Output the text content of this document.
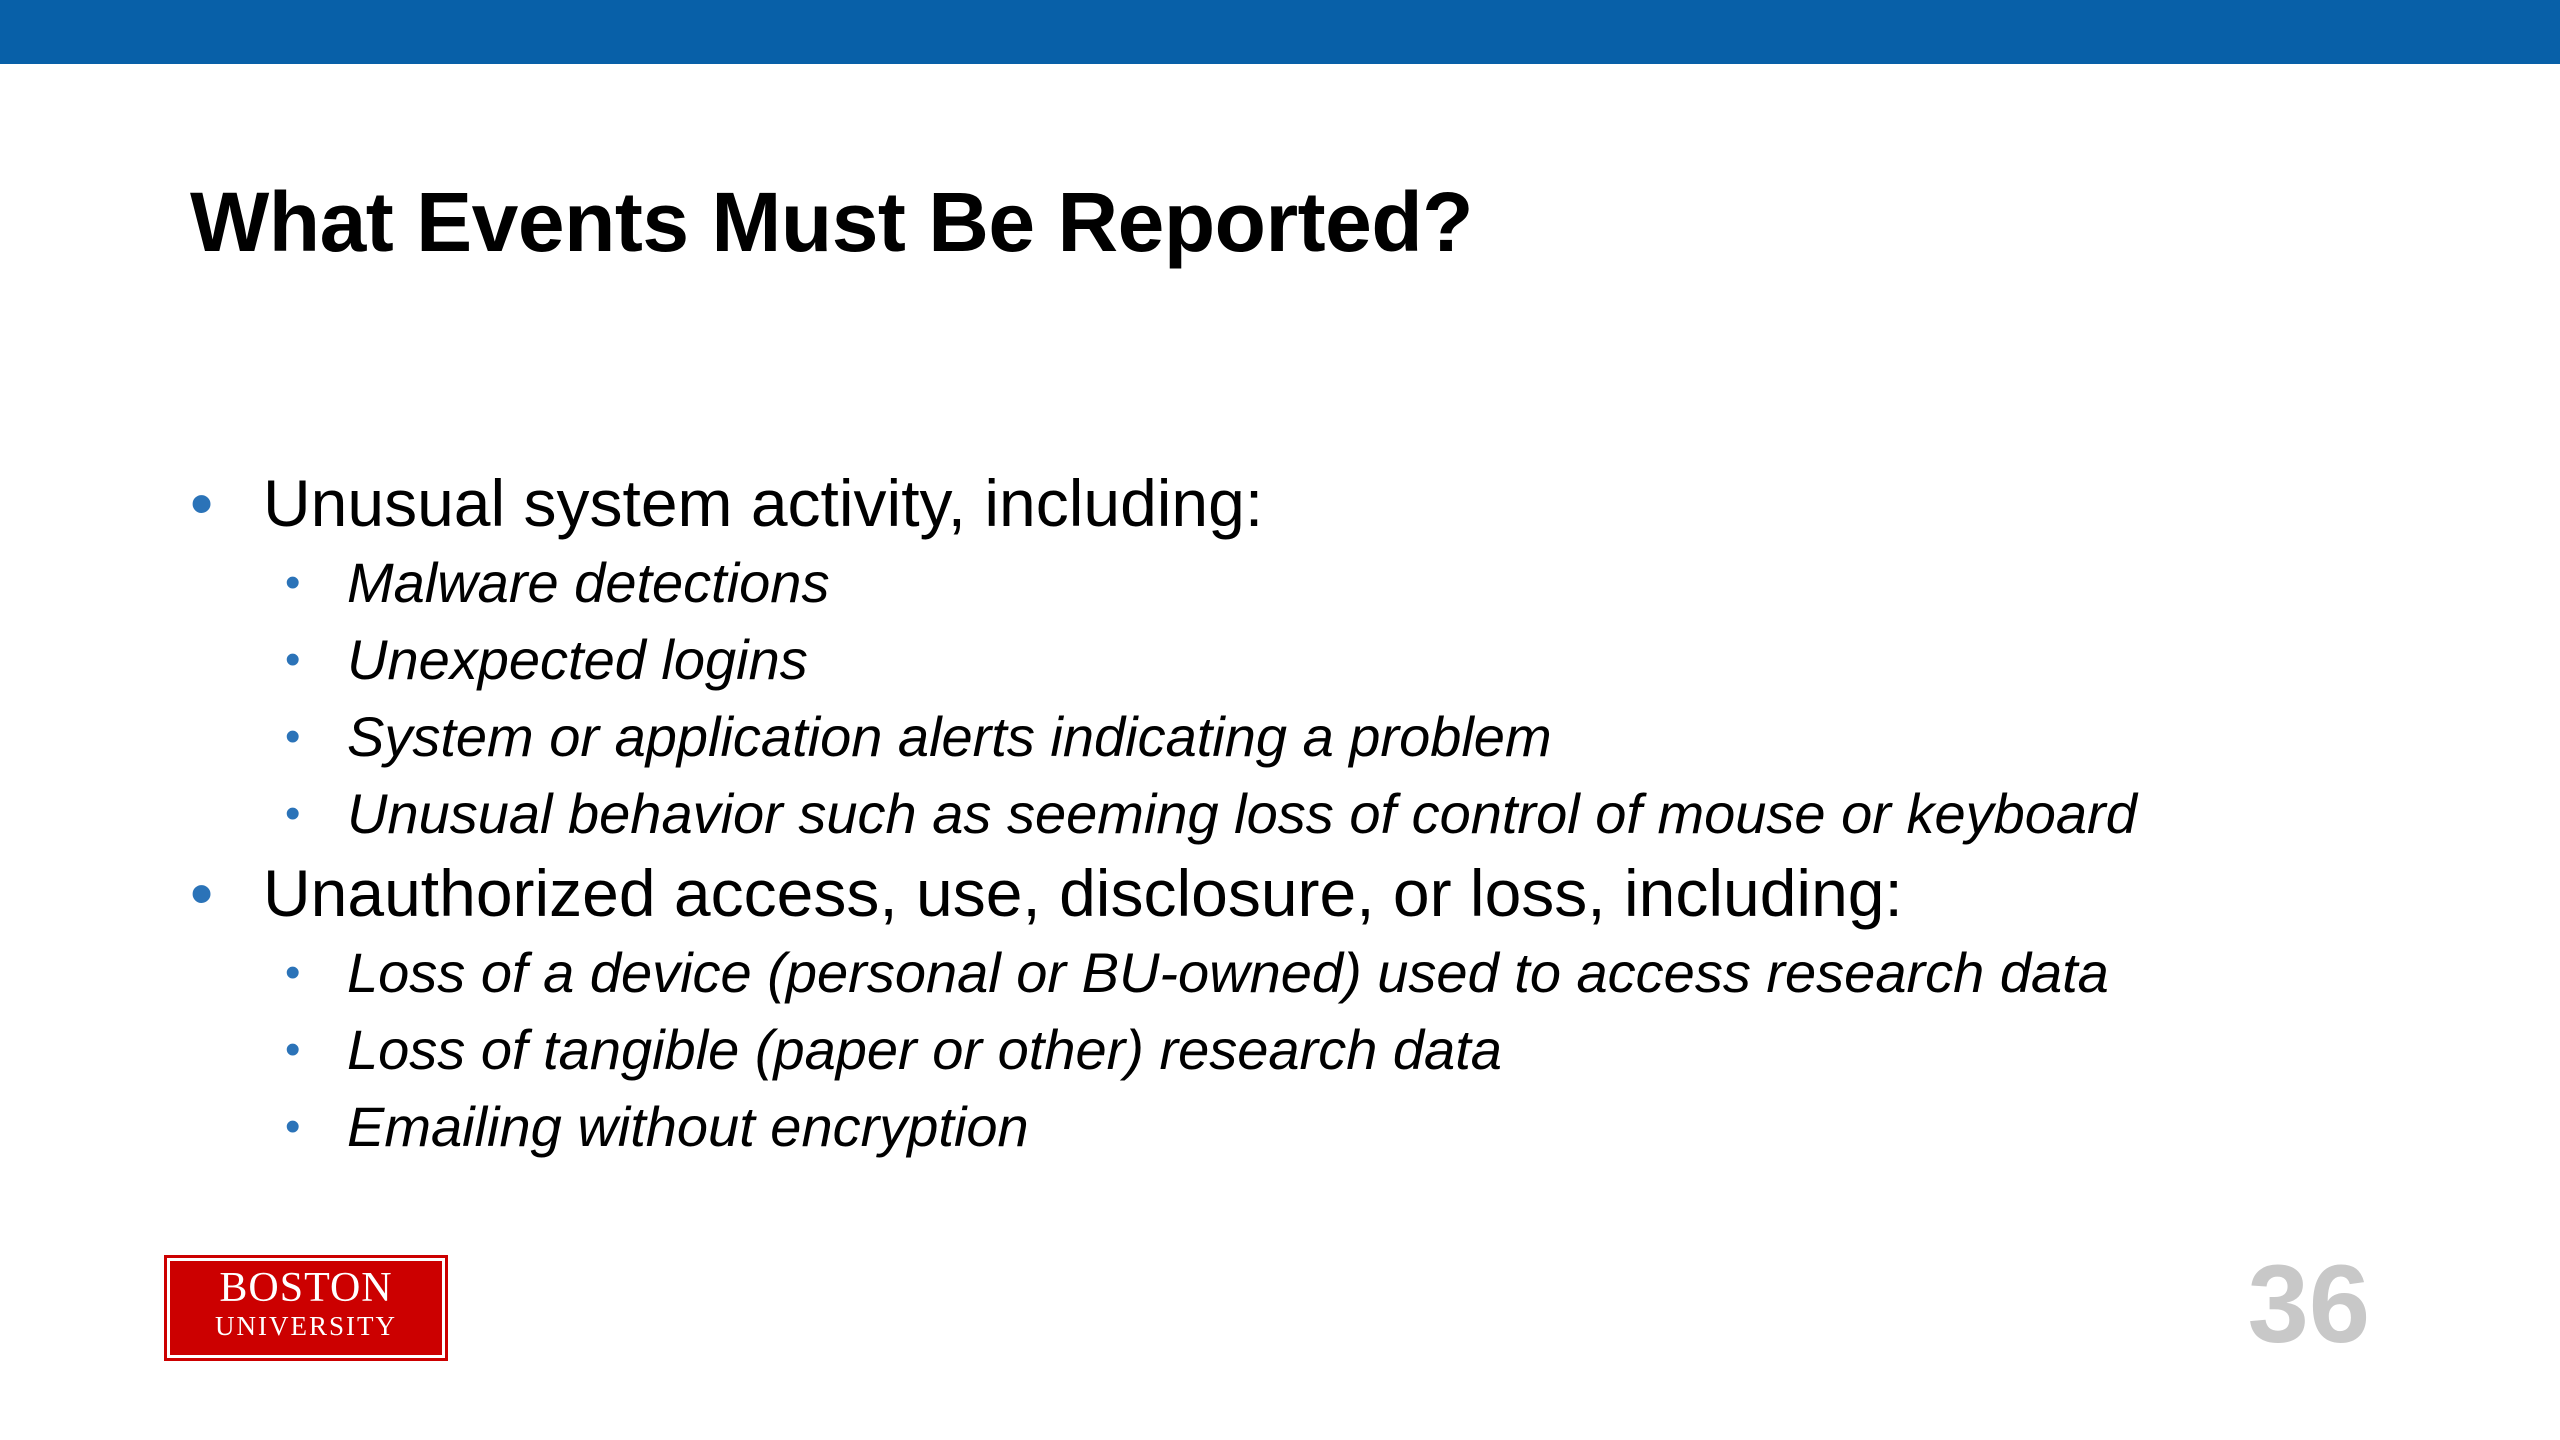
What Events Must Be Reported?
• Unusual system activity, including:
• Malware detections
• Unexpected logins
• System or application alerts indicating a problem
• Unusual behavior such as seeming loss of control of mouse or keyboard
• Unauthorized access, use, disclosure, or loss, including:
• Loss of a device (personal or BU-owned) used to access research data
• Loss of tangible (paper or other) research data
• Emailing without encryption
BOSTON
UNIVERSITY	36
